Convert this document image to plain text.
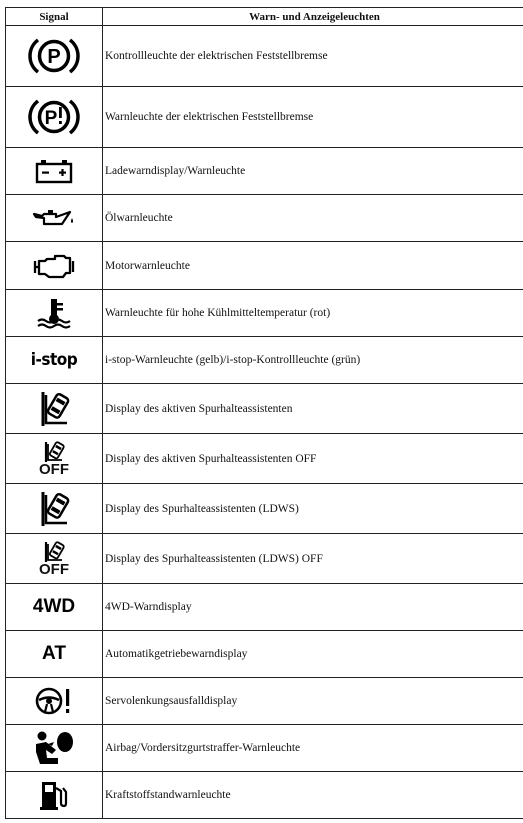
Signal	Warn- und Anzeigeleuchten

P	Kontrollleuchte der elektrischen Feststellbremse

P	Warnleuchte der elektrischen Feststellbremse

	Ladewarndisplay/Warnleuchte

	Ölwarnleuchte

	Motorwarnleuchte

	Warnleuchte für hohe Kühlmitteltemperatur (rot)
i-stop	i-stop-Warnleuchte (gelb)/i-stop-Kontrollleuchte (grün)

	Display des aktiven Spurhalteassistenten

OFF	Display des aktiven Spurhalteassistenten OFF

	Display des Spurhalteassistenten (LDWS)

OFF	Display des Spurhalteassistenten (LDWS) OFF
4WD	4WD-Warndisplay
AT	Automatikgetriebewarndisplay

	Servolenkungsausfalldisplay

	Airbag/Vordersitzgurtstraffer-Warnleuchte

	Kraftstoffstandwarnleuchte
